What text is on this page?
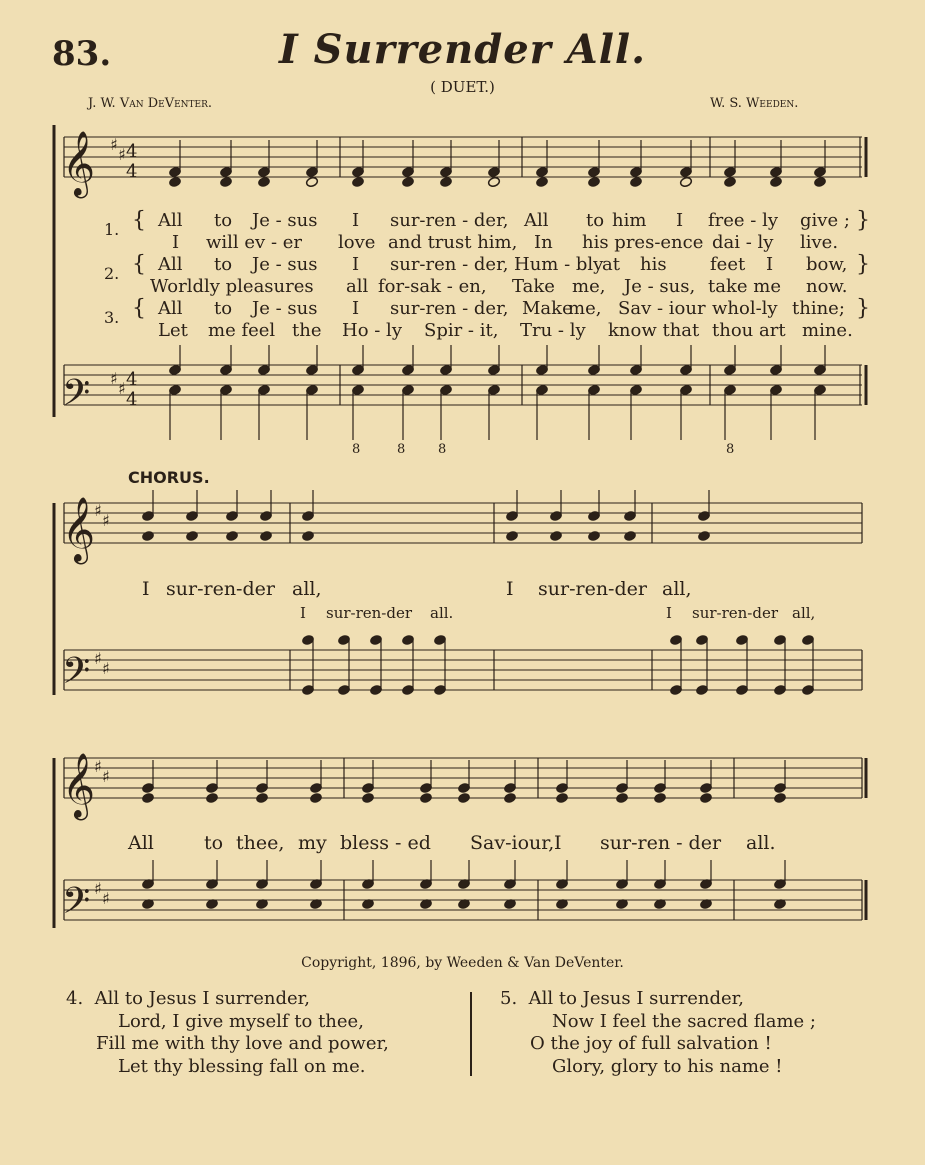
83.	I Surrender All.
( DUET.)
J. W. Van DeVenter.	W. S. Weeden.
𝄞
𝄢
♯
♯
♯
♯
4
4
4
4
𝄞
𝄢
♯
♯
♯
♯
𝄞
𝄢
♯
♯
♯
♯
1. { All to Je - sus I sur-ren - der, All to him I free - ly give ; }
I will ev - er love and trust him, In his pres-ence dai - ly live.
2. { All to Je - sus I sur-ren - der, Hum - bly
at his feet I bow, }
Worldly pleasures all for-sak - en, Take me, Je - sus, take me now.
3. { All to Je - sus I sur-ren - der, Make
me, Sav - iour whol-ly thine; }
Let me feel the Ho - ly Spir - it, Tru - ly know that thou art mine.
8	8	8	8
CHORUS.
I sur-ren-der all,	I sur-ren-der all,
I sur-ren-der all.	I sur-ren-der all,
All	to thee, my bless - ed Sav-iour, I sur-ren - der all.
Copyright, 1896, by Weeden & Van DeVenter.
4. All to Jesus I surrender,
Lord, I give myself to thee,
Fill me with thy love and power,
Let thy blessing fall on me.
5. All to Jesus I surrender,
Now I feel the sacred flame ;
O the joy of full salvation !
Glory, glory to his name !
